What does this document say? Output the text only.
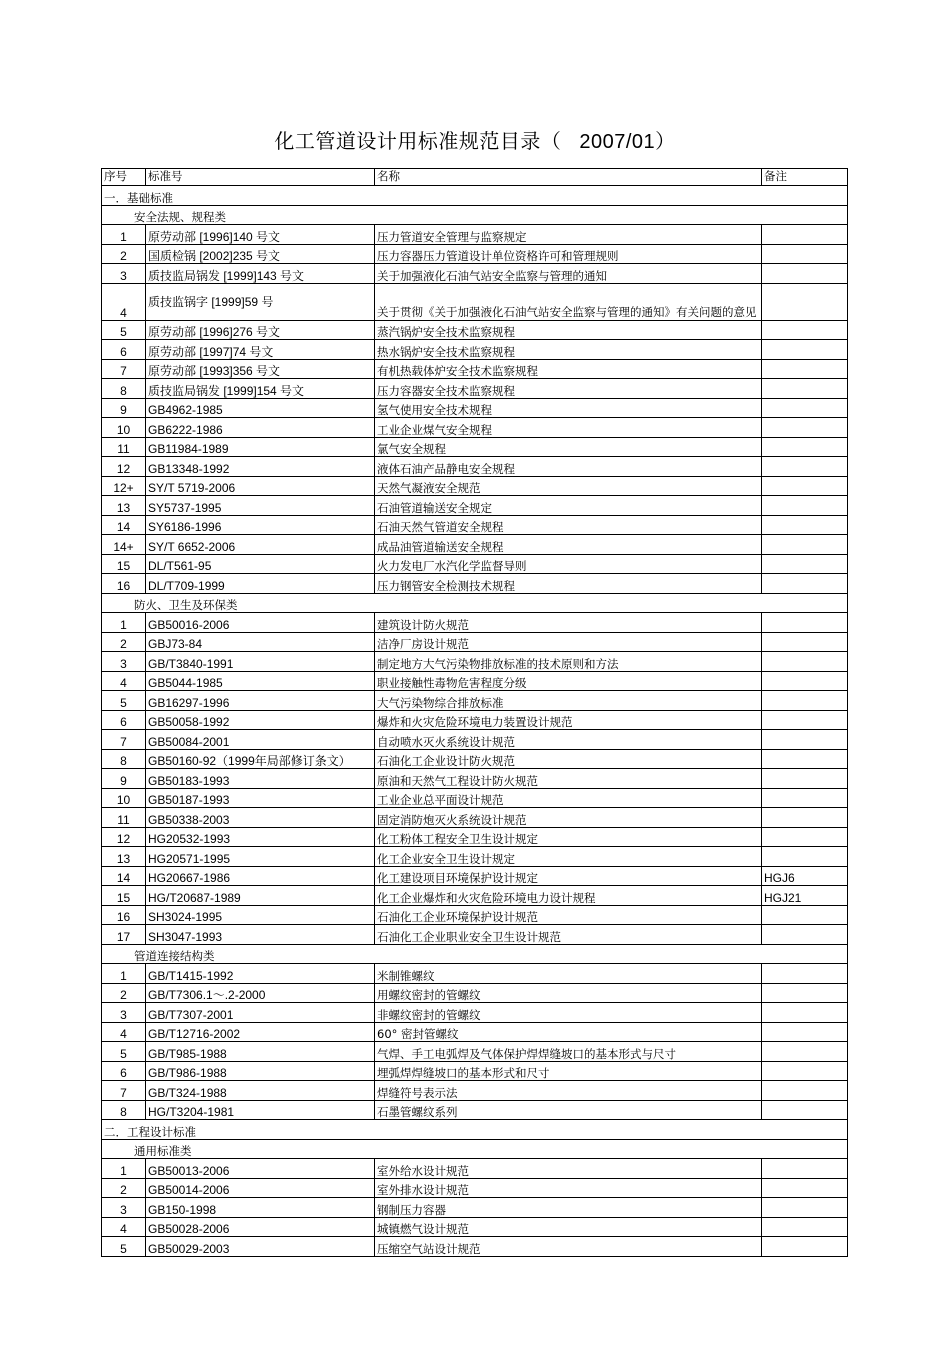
化工管道设计用标准规范目录（ 2007/01）
序号	标准号	名称	备注
一．基础标准			
安全法规、规程类			
1	原劳动部 [1996]140 号文	压力管道安全管理与监察规定	
2	国质检锅 [2002]235 号文	压力容器压力管道设计单位资格许可和管理规则	
3	质技监局锅发 [1999]143 号文	关于加强液化石油气站安全监察与管理的通知	
4	质技监锅字 [1999]59 号	关于贯彻《关于加强液化石油气站安全监察与管理的通知》有关问题的意见	
5	原劳动部 [1996]276 号文	蒸汽锅炉安全技术监察规程	
6	原劳动部 [1997]74 号文	热水锅炉安全技术监察规程	
7	原劳动部 [1993]356 号文	有机热载体炉安全技术监察规程	
8	质技监局锅发 [1999]154 号文	压力容器安全技术监察规程	
9	GB4962-1985	氢气使用安全技术规程	
10	GB6222-1986	工业企业煤气安全规程	
11	GB11984-1989	氯气安全规程	
12	GB13348-1992	液体石油产品静电安全规程	
12+	SY/T 5719-2006	天然气凝液安全规范	
13	SY5737-1995	石油管道输送安全规定	
14	SY6186-1996	石油天然气管道安全规程	
14+	SY/T 6652-2006	成品油管道输送安全规程	
15	DL/T561-95	火力发电厂水汽化学监督导则	
16	DL/T709-1999	压力钢管安全检测技术规程	
防火、卫生及环保类			
1	GB50016-2006	建筑设计防火规范	
2	GBJ73-84	洁净厂房设计规范	
3	GB/T3840-1991	制定地方大气污染物排放标准的技术原则和方法	
4	GB5044-1985	职业接触性毒物危害程度分级	
5	GB16297-1996	大气污染物综合排放标准	
6	GB50058-1992	爆炸和火灾危险环境电力装置设计规范	
7	GB50084-2001	自动喷水灭火系统设计规范	
8	GB50160-92（1999年局部修订条文）	石油化工企业设计防火规范	
9	GB50183-1993	原油和天然气工程设计防火规范	
10	GB50187-1993	工业企业总平面设计规范	
11	GB50338-2003	固定消防炮灭火系统设计规范	
12	HG20532-1993	化工粉体工程安全卫生设计规定	
13	HG20571-1995	化工企业安全卫生设计规定	
14	HG20667-1986	化工建设项目环境保护设计规定	HGJ6
15	HG/T20687-1989	化工企业爆炸和火灾危险环境电力设计规程	HGJ21
16	SH3024-1995	石油化工企业环境保护设计规范	
17	SH3047-1993	石油化工企业职业安全卫生设计规范	
管道连接结构类			
1	GB/T1415-1992	米制锥螺纹	
2	GB/T7306.1～.2-2000	用螺纹密封的管螺纹	
3	GB/T7307-2001	非螺纹密封的管螺纹	
4	GB/T12716-2002	60° 密封管螺纹	
5	GB/T985-1988	气焊、手工电弧焊及气体保护焊焊缝坡口的基本形式与尺寸	
6	GB/T986-1988	埋弧焊焊缝坡口的基本形式和尺寸	
7	GB/T324-1988	焊缝符号表示法	
8	HG/T3204-1981	石墨管螺纹系列	
二．工程设计标准			
通用标准类			
1	GB50013-2006	室外给水设计规范	
2	GB50014-2006	室外排水设计规范	
3	GB150-1998	钢制压力容器	
4	GB50028-2006	城镇燃气设计规范	
5	GB50029-2003	压缩空气站设计规范	
